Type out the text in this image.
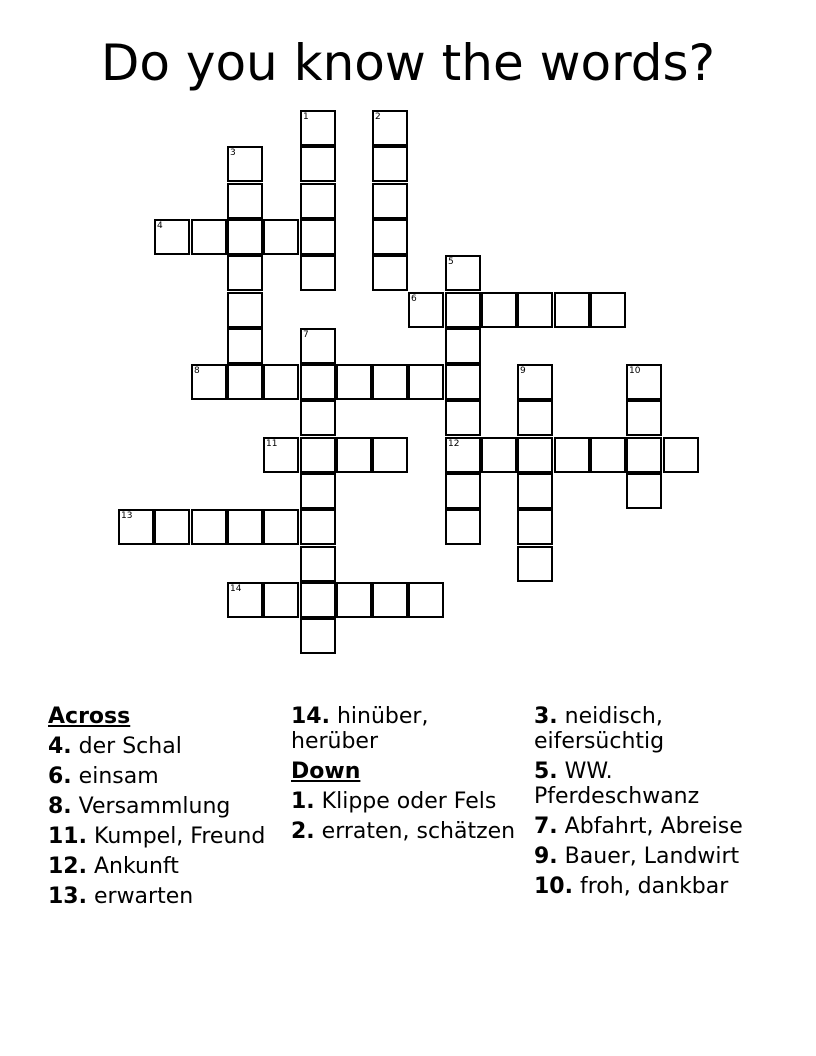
Do you know the words?
1	2
3
4
5
6
7
8	9	10
11	12
13
14
Across
4. der Schal
6. einsam
8. Versammlung
11. Kumpel, Freund
12. Ankunft
13. erwarten
14. hinüber, herüber
Down
1. Klippe oder Fels
2. erraten, schätzen
3. neidisch, eifersüchtig
5. WW. Pferdeschwanz
7. Abfahrt, Abreise
9. Bauer, Landwirt
10. froh, dankbar
